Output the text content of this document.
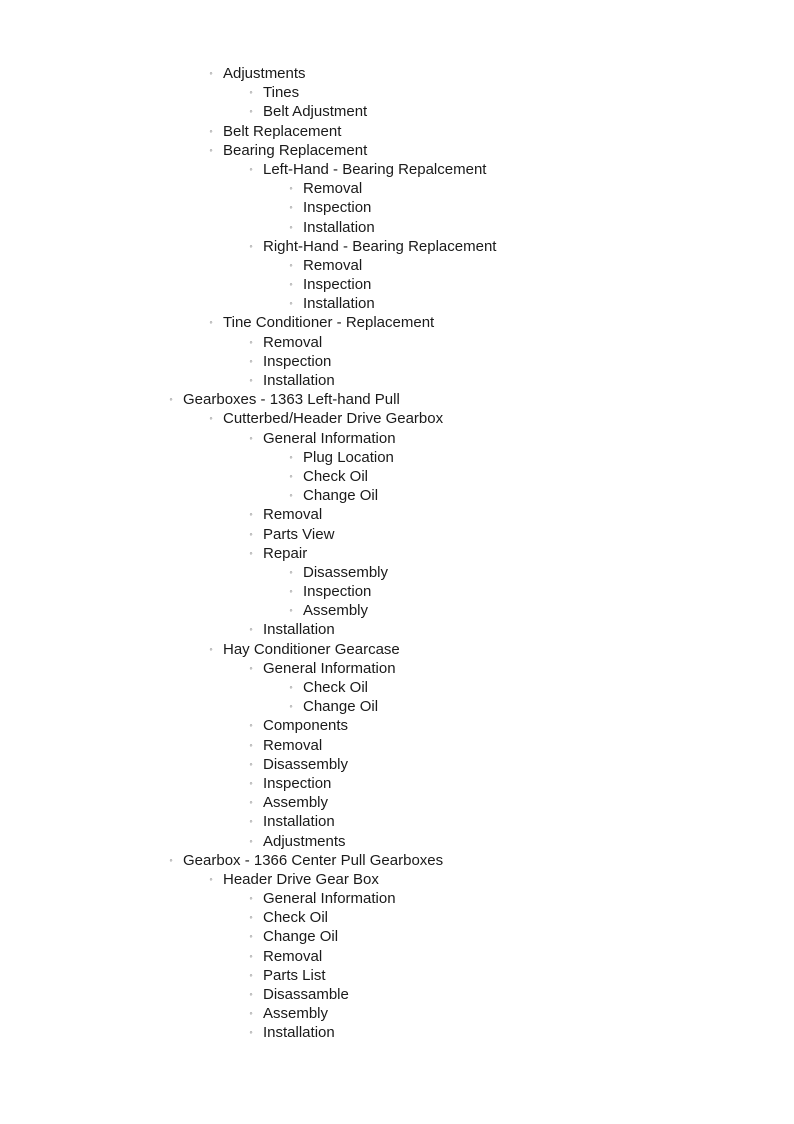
◦ Adjustments
◦ Tines
◦ Belt Adjustment
◦ Belt Replacement
◦ Bearing Replacement
◦ Left-Hand - Bearing Repalcement
◦ Removal
◦ Inspection
◦ Installation
◦ Right-Hand - Bearing Replacement
◦ Removal
◦ Inspection
◦ Installation
◦ Tine Conditioner - Replacement
◦ Removal
◦ Inspection
◦ Installation
◦ Gearboxes - 1363 Left-hand Pull
◦ Cutterbed/Header Drive Gearbox
◦ General Information
◦ Plug Location
◦ Check Oil
◦ Change Oil
◦ Removal
◦ Parts View
◦ Repair
◦ Disassembly
◦ Inspection
◦ Assembly
◦ Installation
◦ Hay Conditioner Gearcase
◦ General Information
◦ Check Oil
◦ Change Oil
◦ Components
◦ Removal
◦ Disassembly
◦ Inspection
◦ Assembly
◦ Installation
◦ Adjustments
◦ Gearbox - 1366 Center Pull Gearboxes
◦ Header Drive Gear Box
◦ General Information
◦ Check Oil
◦ Change Oil
◦ Removal
◦ Parts List
◦ Disassamble
◦ Assembly
◦ Installation
